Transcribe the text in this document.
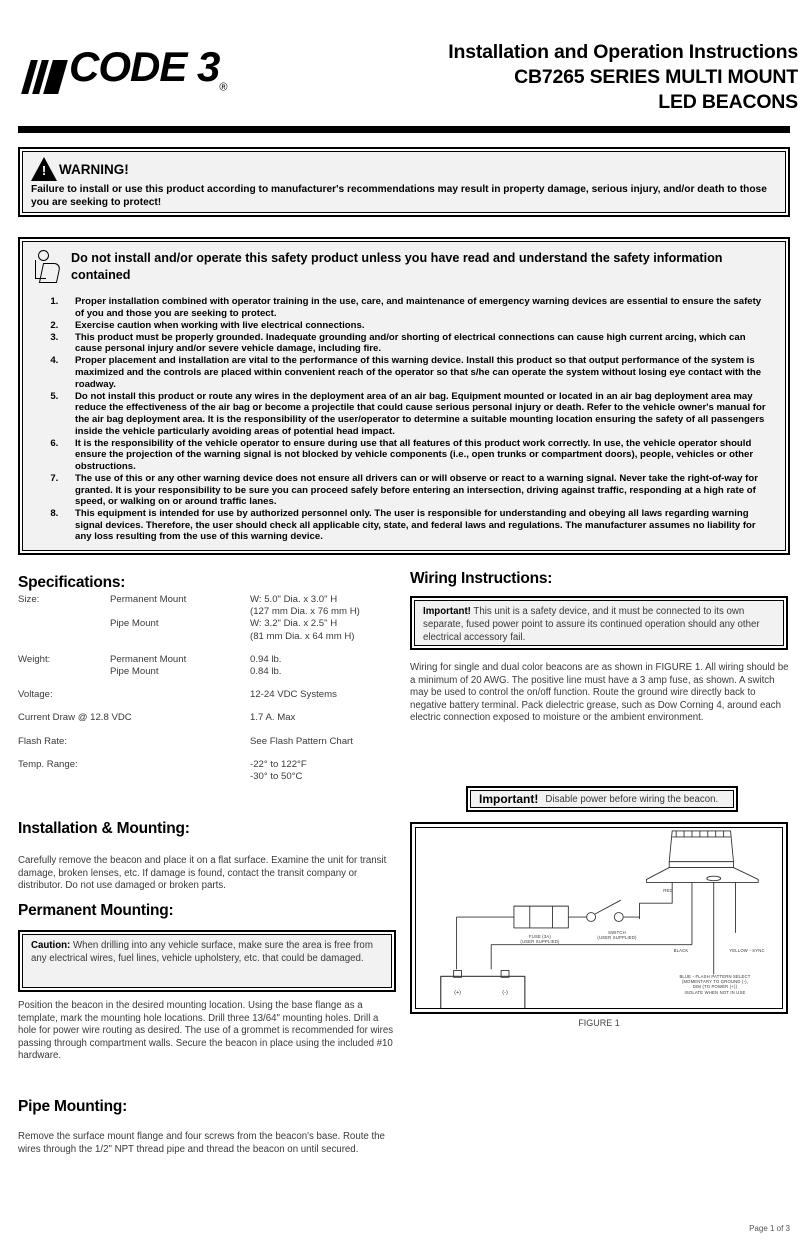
CODE $3_®$
Installation and Operation Instructions
CB7265 SERIES MULTI MOUNT
LED BEACONS
!
WARNING!
Failure to install or use this product according to manufacturer's recommendations may result in property damage, serious injury, and/or death to those you are seeking to protect!
Do not install and/or operate this safety product unless you have read and understand the safety information contained
1. Proper installation combined with operator training in the use, care, and maintenance of emergency warning devices are essential to ensure the safety of you and those you are seeking to protect.
2. Exercise caution when working with live electrical connections.
3. This product must be properly grounded. Inadequate grounding and/or shorting of electrical connections can cause high current arcing, which can cause personal injury and/or severe vehicle damage, including fire.
4. Proper placement and installation are vital to the performance of this warning device. Install this product so that output performance of the system is maximized and the controls are placed within convenient reach of the operator so that s/he can operate the system without losing eye contact with the roadway.
5. Do not install this product or route any wires in the deployment area of an air bag. Equipment mounted or located in an air bag deployment area may reduce the effectiveness of the air bag or become a projectile that could cause serious personal injury or death. Refer to the vehicle owner's manual for the air bag deployment area. It is the responsibility of the user/operator to determine a suitable mounting location ensuring the safety of all passengers inside the vehicle particularly avoiding areas of potential head impact.
6. It is the responsibility of the vehicle operator to ensure during use that all features of this product work correctly. In use, the vehicle operator should ensure the projection of the warning signal is not blocked by vehicle components (i.e., open trunks or compartment doors), people, vehicles or other obstructions.
7. The use of this or any other warning device does not ensure all drivers can or will observe or react to a warning signal. Never take the right-of-way for granted. It is your responsibility to be sure you can proceed safely before entering an intersection, driving against traffic, responding at a high rate of speed, or walking on or around traffic lanes.
8. This equipment is intended for use by authorized personnel only. The user is responsible for understanding and obeying all laws regarding warning signal devices. Therefore, the user should check all applicable city, state, and federal laws and regulations. The manufacturer assumes no liability for any loss resulting from the use of this warning device.
Specifications:
Size:	Permanent Mount	W: 5.0" Dia. x 3.0" H
(127 mm Dia. x 76 mm H)
Pipe Mount	W: 3.2" Dia. x 2.5" H
(81 mm Dia. x 64 mm H)
Weight:	Permanent Mount	0.94 lb.
Pipe Mount	0.84 lb.
Voltage:	12-24 VDC Systems
Current Draw @ 12.8 VDC	1.7 A. Max
Flash Rate:	See Flash Pattern Chart
Temp. Range:	-22° to 122°F
-30° to 50°C
Installation & Mounting:
Carefully remove the beacon and place it on a flat surface. Examine the unit for transit damage, broken lenses, etc. If damage is found, contact the transit company or distributor. Do not use damaged or broken parts.
Permanent Mounting:
Caution: When drilling into any vehicle surface, make sure the area is free from any electrical wires, fuel lines, vehicle upholstery, etc. that could be damaged.
Position the beacon in the desired mounting location. Using the base flange as a template, mark the mounting hole locations. Drill three 13/64" mounting holes. Drill a hole for power wire routing as desired. The use of a grommet is recommended for wires passing through compartment walls. Secure the beacon in place using the included #10 hardware.
Pipe Mounting:
Remove the surface mount flange and four screws from the beacon's base. Route the wires through the 1/2" NPT thread pipe and thread the beacon on until secured.
Wiring Instructions:
Important! This unit is a safety device, and it must be connected to its own separate, fused power point to assure its continued operation should any other electrical accessory fail.
Wiring for single and dual color beacons are as shown in FIGURE 1. All wiring should be a minimum of 20 AWG. The positive line must have a 3 amp fuse, as shown. A switch may be used to control the on/off function. Route the ground wire directly back to negative battery terminal. Pack dielectric grease, such as Dow Corning 4, around each electric connection exposed to moisture or the ambient environment.
Important! Disable power before wiring the beacon.
(+)	(-)
FUSE (3A)
(USER SUPPLIED)
SWITCH
(USER SUPPLIED)
RED
BLACK	YELLOW - SYNC
BLUE - FLASH PATTERN SELECT
(MOMENTARY TO GROUND (-),
DIM (TO POWER (+))
ISOLATE WHEN NOT IN USE
FIGURE 1
Page 1 of 3
